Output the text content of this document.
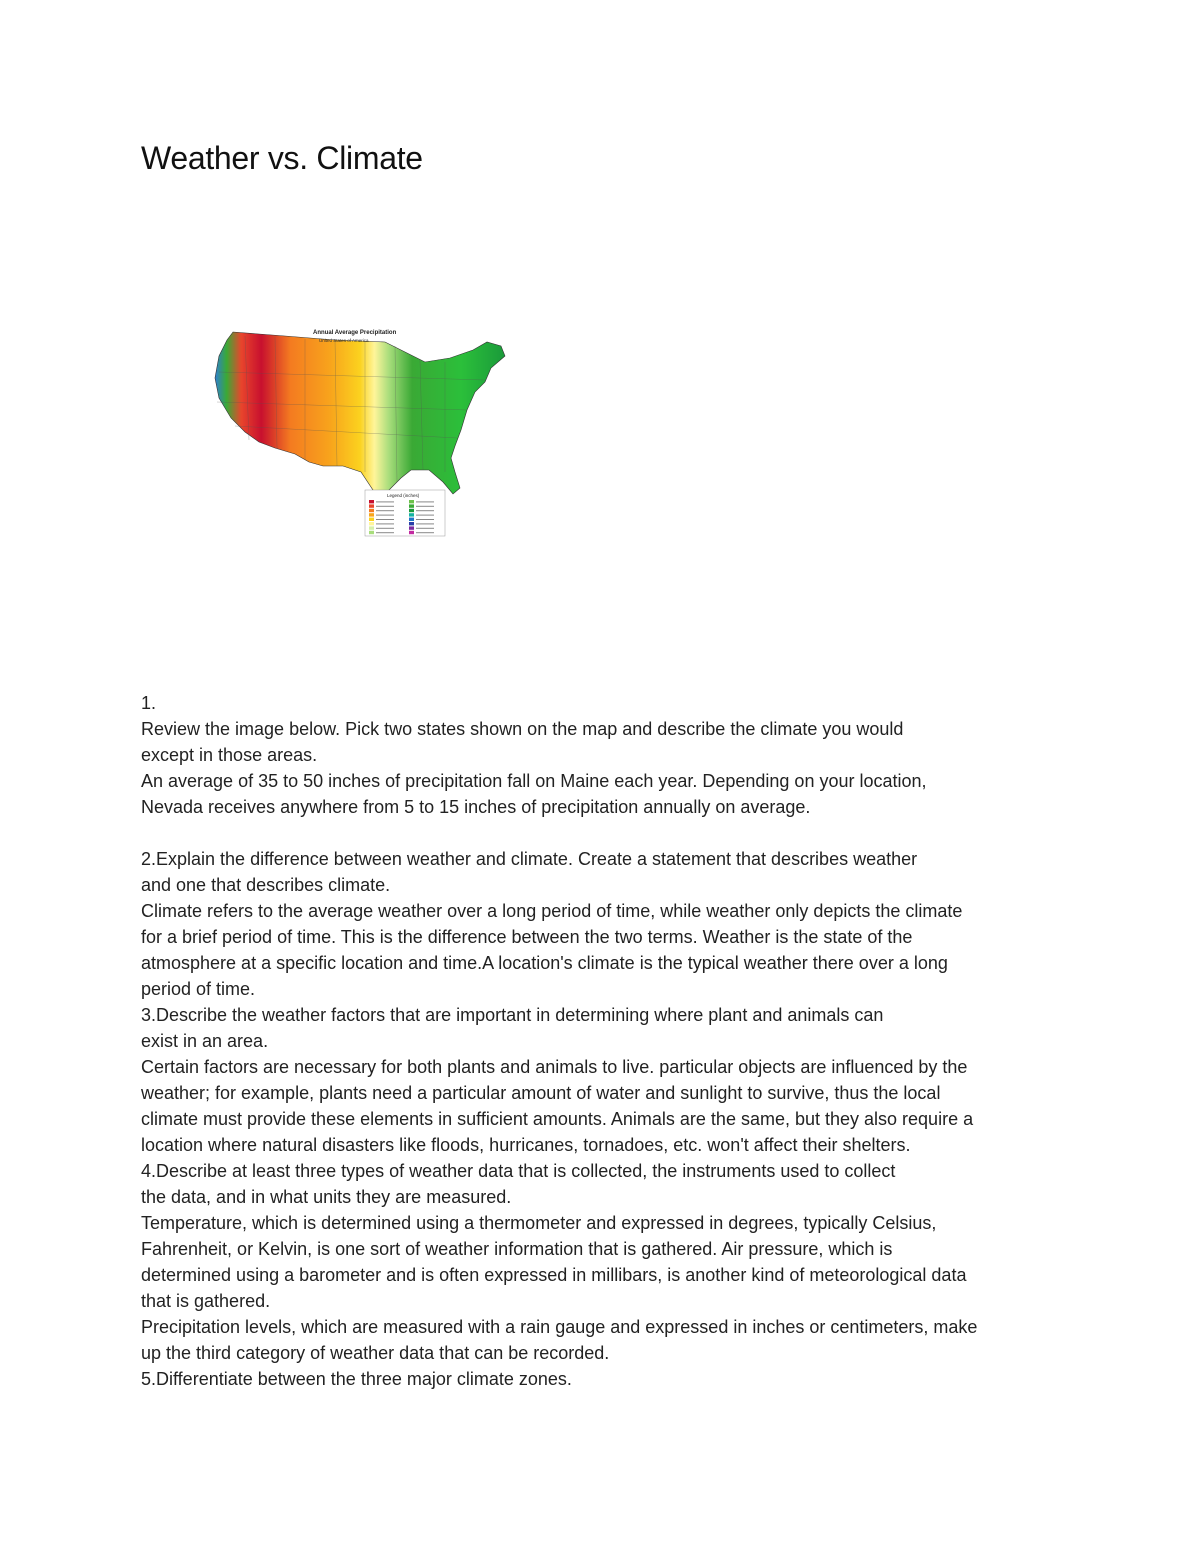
Weather vs. Climate
Annual Average Precipitation
United States of America
Legend (inches)

1.

Review the image below. Pick two states shown on the map and describe the climate you would

except in those areas.

An average of 35 to 50 inches of precipitation fall on Maine each year. Depending on your location,

Nevada receives anywhere from 5 to 15 inches of precipitation annually on average.

2.Explain the difference between weather and climate. Create a statement that describes weather

and one that describes climate.

Climate refers to the average weather over a long period of time, while weather only depicts the climate

for a brief period of time. This is the difference between the two terms. Weather is the state of the

atmosphere at a specific location and time.A location's climate is the typical weather there over a long

period of time.

3.Describe the weather factors that are important in determining where plant and animals can

exist in an area.

Certain factors are necessary for both plants and animals to live. particular objects are influenced by the

weather; for example, plants need a particular amount of water and sunlight to survive, thus the local

climate must provide these elements in sufficient amounts. Animals are the same, but they also require a

location where natural disasters like floods, hurricanes, tornadoes, etc. won't affect their shelters.

4.Describe at least three types of weather data that is collected, the instruments used to collect

the data, and in what units they are measured.

Temperature, which is determined using a thermometer and expressed in degrees, typically Celsius,

Fahrenheit, or Kelvin, is one sort of weather information that is gathered. Air pressure, which is

determined using a barometer and is often expressed in millibars, is another kind of meteorological data

that is gathered.

Precipitation levels, which are measured with a rain gauge and expressed in inches or centimeters, make

up the third category of weather data that can be recorded.

5.Differentiate between the three major climate zones.
